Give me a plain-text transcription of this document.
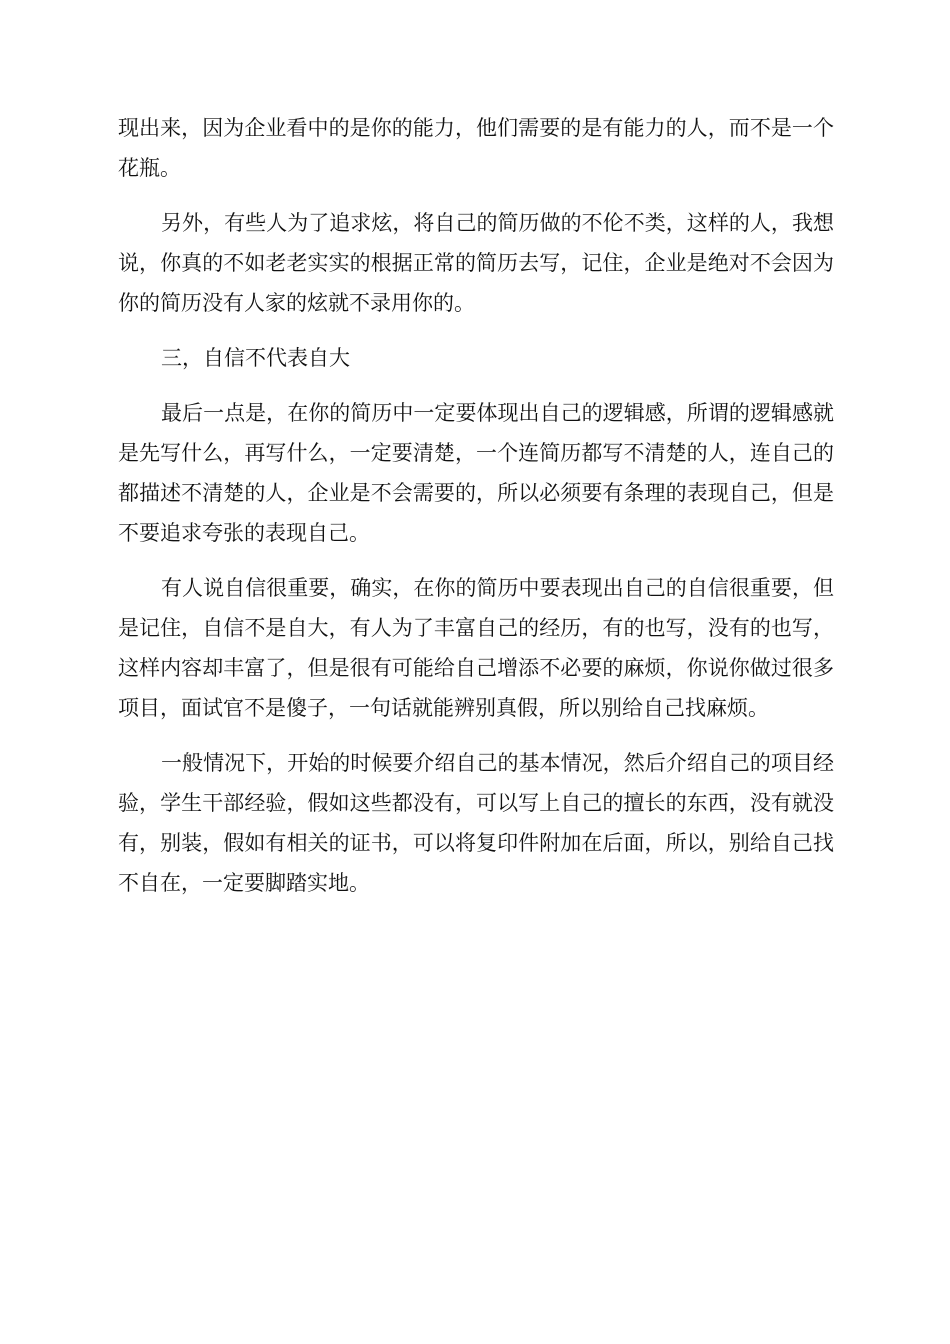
现出来，因为企业看中的是你的能力，他们需要的是有能力的人，而不是一个花瓶。

另外，有些人为了追求炫，将自己的简历做的不伦不类，这样的人，我想说，你真的不如老老实实的根据正常的简历去写，记住，企业是绝对不会因为你的简历没有人家的炫就不录用你的。

三，自信不代表自大

最后一点是，在你的简历中一定要体现出自己的逻辑感，所谓的逻辑感就是先写什么，再写什么，一定要清楚，一个连简历都写不清楚的人，连自己的都描述不清楚的人，企业是不会需要的，所以必须要有条理的表现自己，但是不要追求夸张的表现自己。

有人说自信很重要，确实，在你的简历中要表现出自己的自信很重要，但是记住，自信不是自大，有人为了丰富自己的经历，有的也写，没有的也写，这样内容却丰富了，但是很有可能给自己增添不必要的麻烦，你说你做过很多项目，面试官不是傻子，一句话就能辨别真假，所以别给自己找麻烦。

一般情况下，开始的时候要介绍自己的基本情况，然后介绍自己的项目经验，学生干部经验，假如这些都没有，可以写上自己的擅长的东西，没有就没有，别装，假如有相关的证书，可以将复印件附加在后面，所以，别给自己找不自在，一定要脚踏实地。
